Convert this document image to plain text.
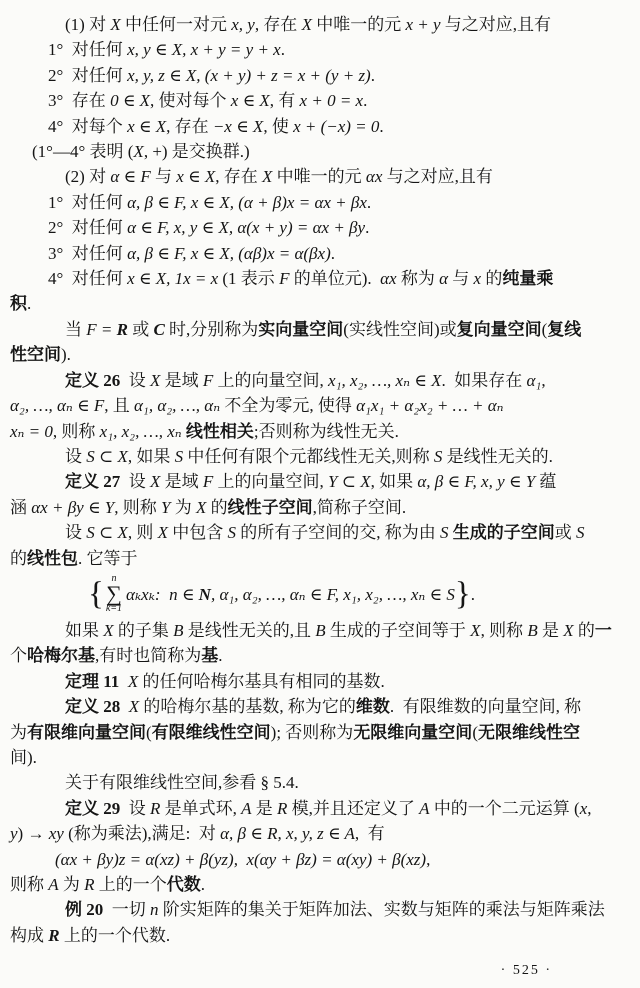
(1) 对 X 中任何一对元 x, y, 存在 X 中唯一的元 x + y 与之对应,且有
1°  对任何 x, y ∈ X, x + y = y + x.
2°  对任何 x, y, z ∈ X, (x + y) + z = x + (y + z).
3°  存在 0 ∈ X, 使对每个 x ∈ X, 有 x + 0 = x.
4°  对每个 x ∈ X, 存在 −x ∈ X, 使 x + (−x) = 0.
(1°—4° 表明 (X, +) 是交换群.)
(2) 对 α ∈ F 与 x ∈ X, 存在 X 中唯一的元 αx 与之对应,且有
1°  对任何 α, β ∈ F, x ∈ X, (α + β)x = αx + βx.
2°  对任何 α ∈ F, x, y ∈ X, α(x + y) = αx + βy.
3°  对任何 α, β ∈ F, x ∈ X, (αβ)x = α(βx).
4°  对任何 x ∈ X, 1x = x (1 表示 F 的单位元).  αx 称为 α 与 x 的纯量乘
积.
当 F = R 或 C 时,分别称为实向量空间(实线性空间)或复向量空间(复线
性空间).
定义 26  设 X 是域 F 上的向量空间, x₁, x₂, …, xₙ ∈ X.  如果存在 α₁,
α₂, …, αₙ ∈ F, 且 α₁, α₂, …, αₙ 不全为零元, 使得 α₁x₁ + α₂x₂ + … + αₙ
xₙ = 0, 则称 x₁, x₂, …, xₙ 线性相关;否则称为线性无关.
设 S ⊂ X, 如果 S 中任何有限个元都线性无关,则称 S 是线性无关的.
定义 27  设 X 是域 F 上的向量空间, Y ⊂ X, 如果 α, β ∈ F, x, y ∈ Y 蕴
涵 αx + βy ∈ Y, 则称 Y 为 X 的线性子空间,简称子空间.
设 S ⊂ X, 则 X 中包含 S 的所有子空间的交, 称为由 S 生成的子空间或 S
的线性包. 它等于
{ n
∑
k=1
αₖxₖ:  n ∈ N, α₁, α₂, …, αₙ ∈ F, x₁, x₂, …, xₙ ∈ S}.
如果 X 的子集 B 是线性无关的,且 B 生成的子空间等于 X, 则称 B 是 X 的一
个哈梅尔基,有时也简称为基.
定理 11 X 的任何哈梅尔基具有相同的基数.
定义 28 X 的哈梅尔基的基数, 称为它的维数.  有限维数的向量空间, 称
为有限维向量空间(有限维线性空间); 否则称为无限维向量空间(无限维线性空
间).
关于有限维线性空间,参看 § 5.4.
定义 29  设 R 是单式环, A 是 R 模,并且还定义了 A 中的一个二元运算 (x,
y) → xy (称为乘法),满足:  对 α, β ∈ R, x, y, z ∈ A,  有
(αx + βy)z = α(xz) + β(yz),  x(αy + βz) = α(xy) + β(xz),
则称 A 为 R 上的一个代数.
例 20  一切 n 阶实矩阵的集关于矩阵加法、实数与矩阵的乘法与矩阵乘法
构成 R 上的一个代数.
· 525 ·
